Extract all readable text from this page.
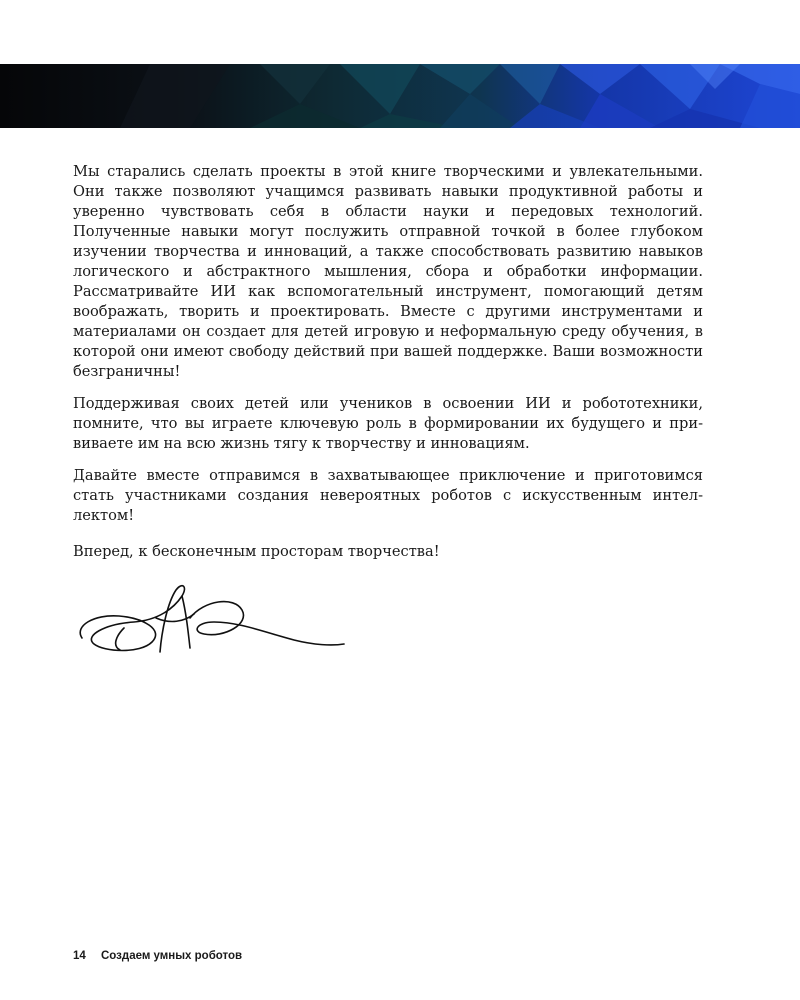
Мы старались сделать проекты в этой книге творческими и увлекательными. Они также позволяют учащимся развивать навыки продуктивной работы и уверенно чувствовать себя в области науки и передовых технологий. Полученные навыки могут послужить отправной точкой в более глубоком изучении творчества и инноваций, а также способствовать развитию навыков логического и абстрактного мышления, сбора и обработки информации. Рассматривайте ИИ как вспомогательный инструмент, помогающий детям воображать, творить и проектировать. Вместе с другими инструментами и материалами он создает для детей игровую и неформальную среду обучения, в которой они имеют свободу действий при вашей поддержке. Ваши возможности безграничны!

Поддерживая своих детей или учеников в освоении ИИ и робототехники, помните, что вы играете ключевую роль в формировании их будущего и прививаете им на всю жизнь тягу к творчеству и инновациям.

Давайте вместе отправимся в захватывающее приключение и приготовимся стать участниками создания невероятных роботов с искусственным интеллектом!

Вперед, к бесконечным просторам творчества!

14 Создаем умных роботов
